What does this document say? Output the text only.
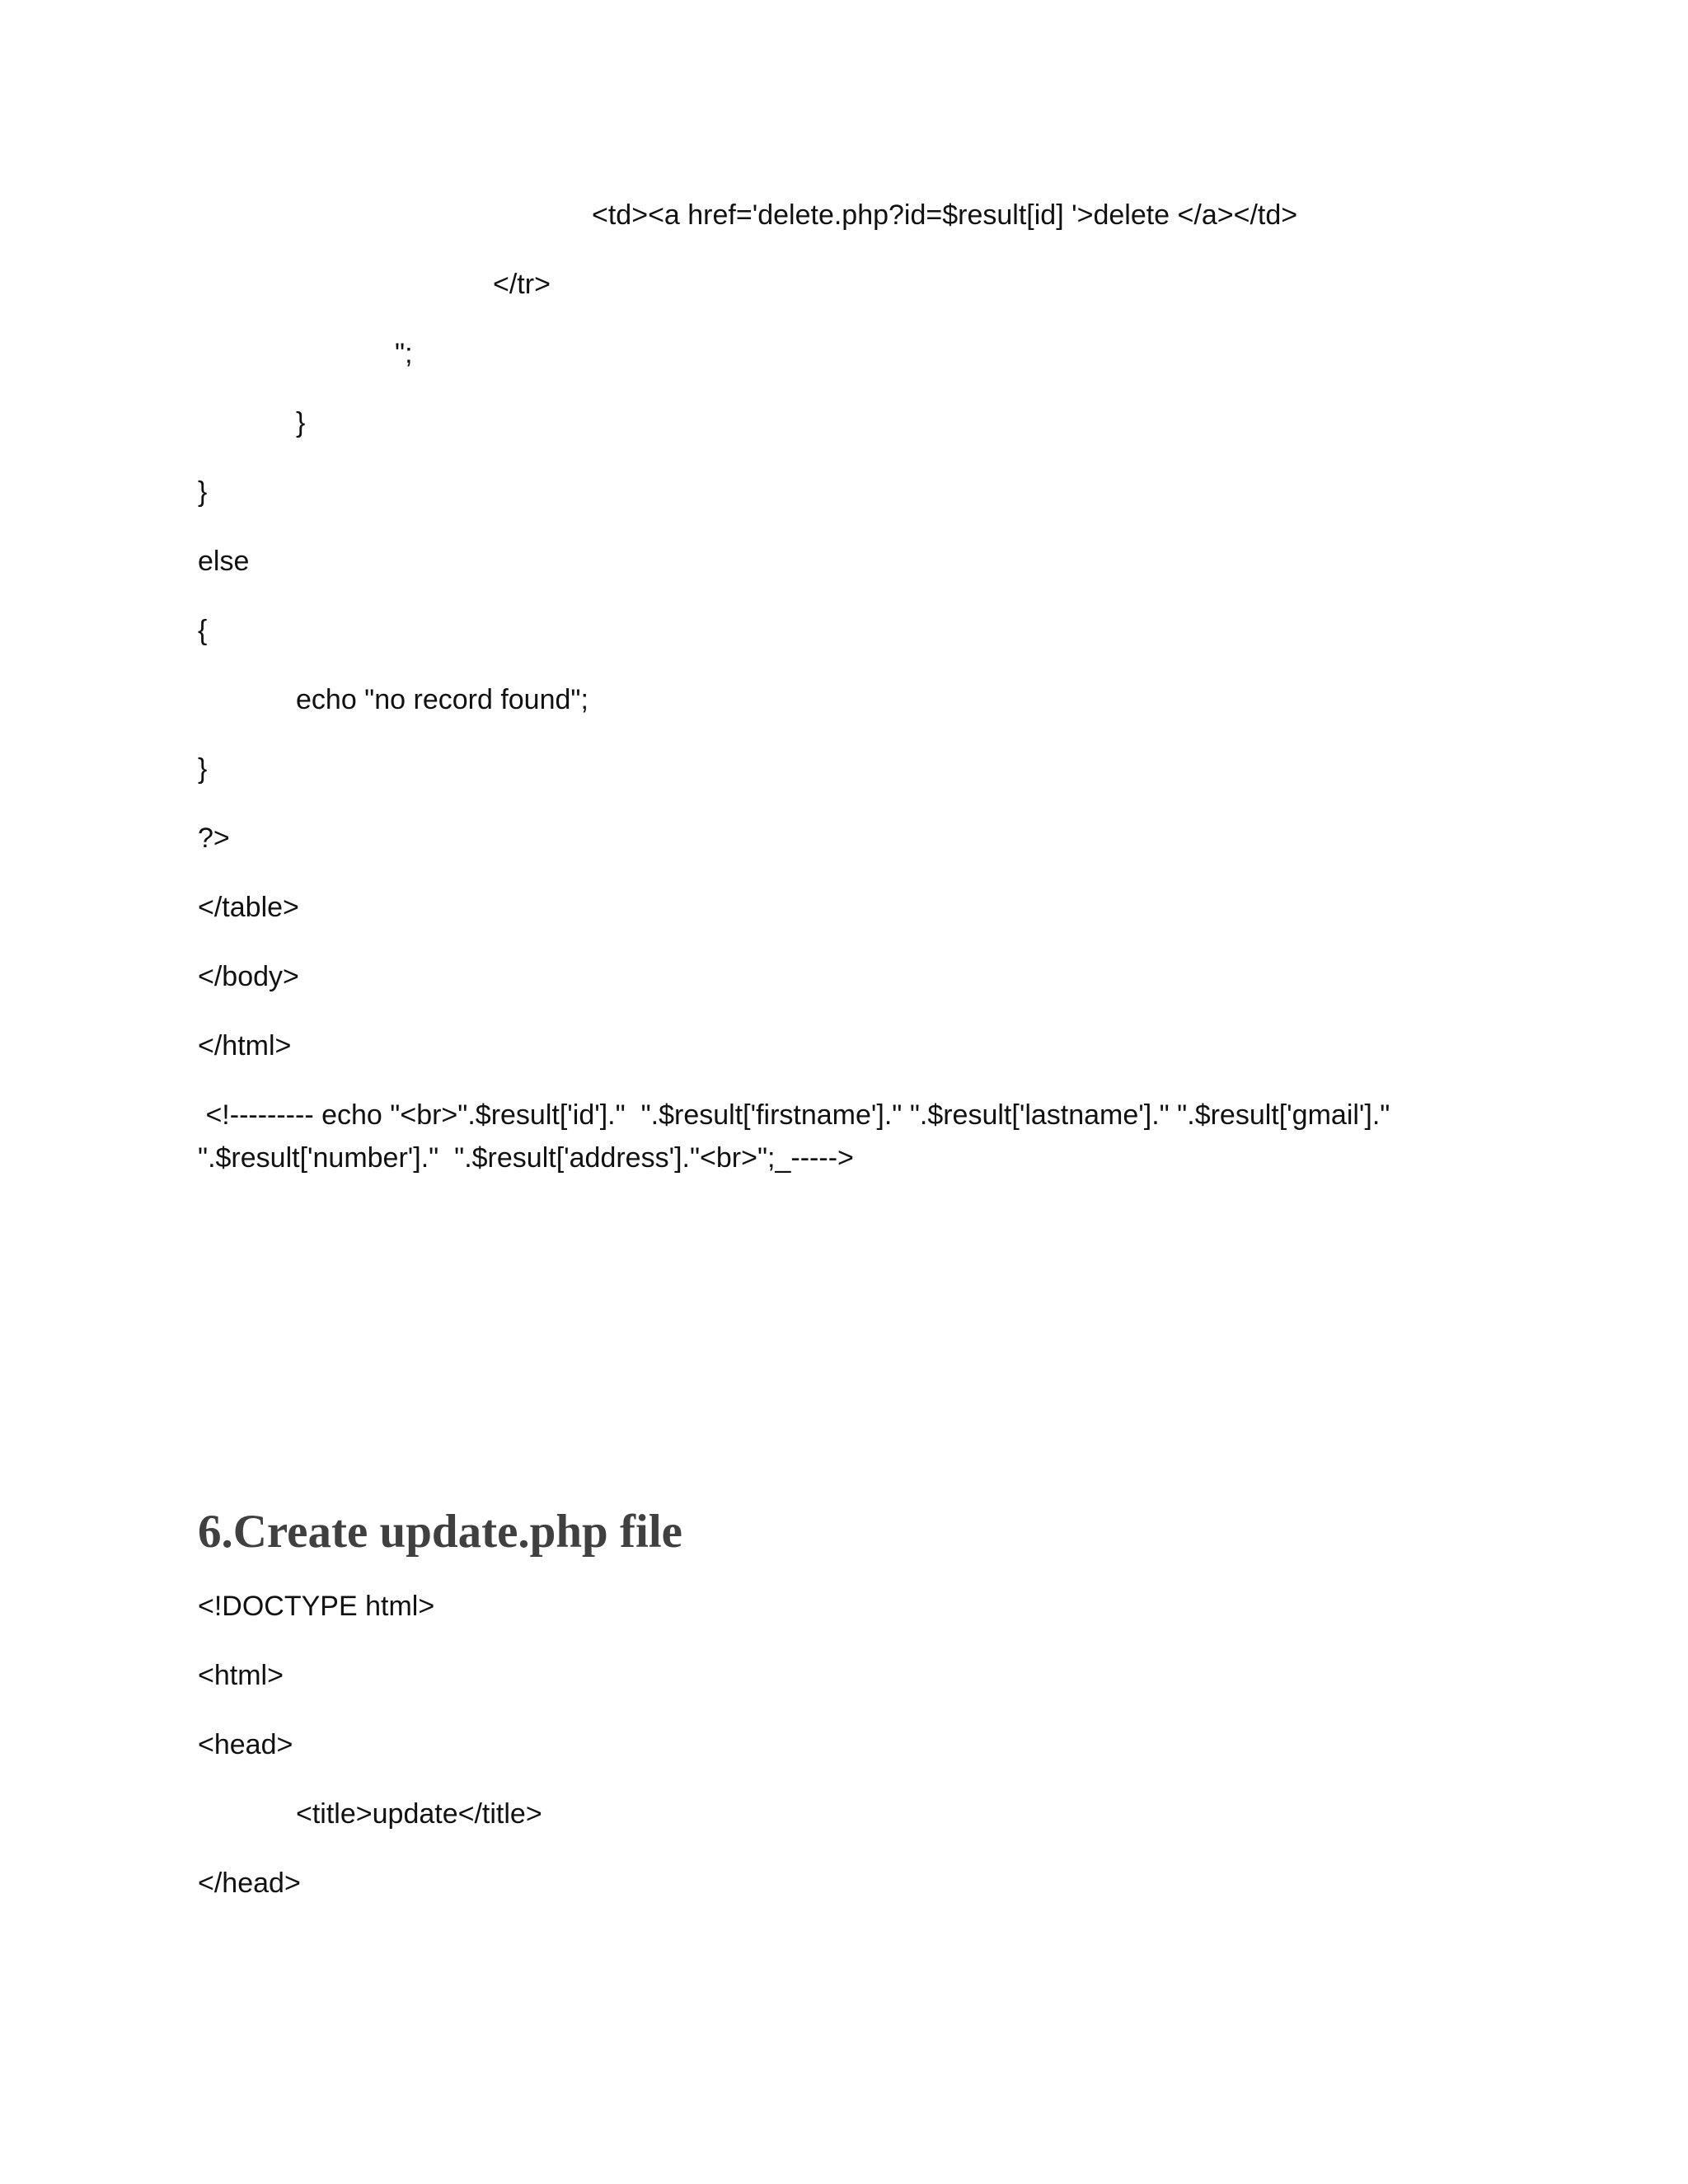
<td><a href='delete.php?id=$result[id] '>delete </a></td>
</tr>
";
}
}
else
{
echo "no record found";
}
?>
</table>
</body>
</html>
<!--------- echo "<br>".$result['id']."  ".$result['firstname']." ".$result['lastname']." ".$result['gmail']."
".$result['number']."  ".$result['address']."<br>";_----->
6.Create update.php file
<!DOCTYPE html>
<html>
<head>
<title>update</title>
</head>
